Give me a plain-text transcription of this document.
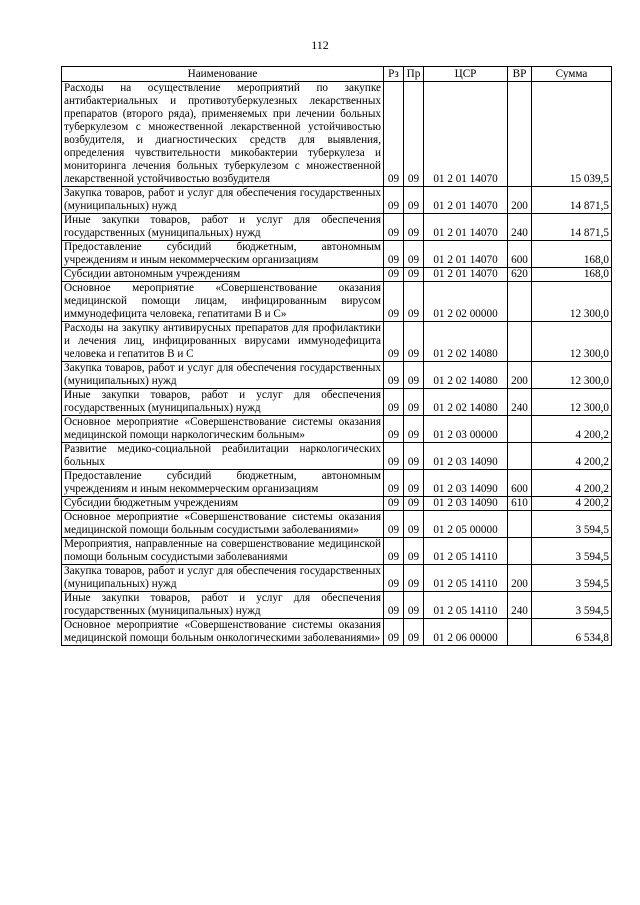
112
Наименование	Рз	Пр	ЦСР	ВР	Сумма
Расходы на осуществление мероприятий по закупке антибактериальных и противотуберкулезных лекарственных препаратов (второго ряда), применяемых при лечении больных туберкулезом с множественной лекарственной устойчивостью возбудителя, и диагностических средств для выявления, определения чувствительности микобактерии туберкулеза и мониторинга лечения больных туберкулезом с множественной лекарственной устойчивостью возбудителя	09	09	01 2 01 14070		15 039,5
Закупка товаров, работ и услуг для обеспечения государственных (муниципальных) нужд	09	09	01 2 01 14070	200	14 871,5
Иные закупки товаров, работ и услуг для обеспечения государственных (муниципальных) нужд	09	09	01 2 01 14070	240	14 871,5
Предоставление субсидий бюджетным, автономным учреждениям и иным некоммерческим организациям	09	09	01 2 01 14070	600	168,0
Субсидии автономным учреждениям	09	09	01 2 01 14070	620	168,0
Основное мероприятие «Совершенствование оказания медицинской помощи лицам, инфицированным вирусом иммунодефицита человека, гепатитами В и С»	09	09	01 2 02 00000		12 300,0
Расходы на закупку антивирусных препаратов для профилактики и лечения лиц, инфицированных вирусами иммунодефицита человека и гепатитов В и С	09	09	01 2 02 14080		12 300,0
Закупка товаров, работ и услуг для обеспечения государственных (муниципальных) нужд	09	09	01 2 02 14080	200	12 300,0
Иные закупки товаров, работ и услуг для обеспечения государственных (муниципальных) нужд	09	09	01 2 02 14080	240	12 300,0
Основное мероприятие «Совершенствование системы оказания медицинской помощи наркологическим больным»	09	09	01 2 03 00000		4 200,2
Развитие медико-социальной реабилитации наркологических больных	09	09	01 2 03 14090		4 200,2
Предоставление субсидий бюджетным, автономным учреждениям и иным некоммерческим организациям	09	09	01 2 03 14090	600	4 200,2
Субсидии бюджетным учреждениям	09	09	01 2 03 14090	610	4 200,2
Основное мероприятие «Совершенствование системы оказания медицинской помощи больным сосудистыми заболеваниями»	09	09	01 2 05 00000		3 594,5
Мероприятия, направленные на совершенствование медицинской помощи больным сосудистыми заболеваниями	09	09	01 2 05 14110		3 594,5
Закупка товаров, работ и услуг для обеспечения государственных (муниципальных) нужд	09	09	01 2 05 14110	200	3 594,5
Иные закупки товаров, работ и услуг для обеспечения государственных (муниципальных) нужд	09	09	01 2 05 14110	240	3 594,5
Основное мероприятие «Совершенствование системы оказания медицинской помощи больным онкологическими заболеваниями»	09	09	01 2 06 00000		6 534,8
